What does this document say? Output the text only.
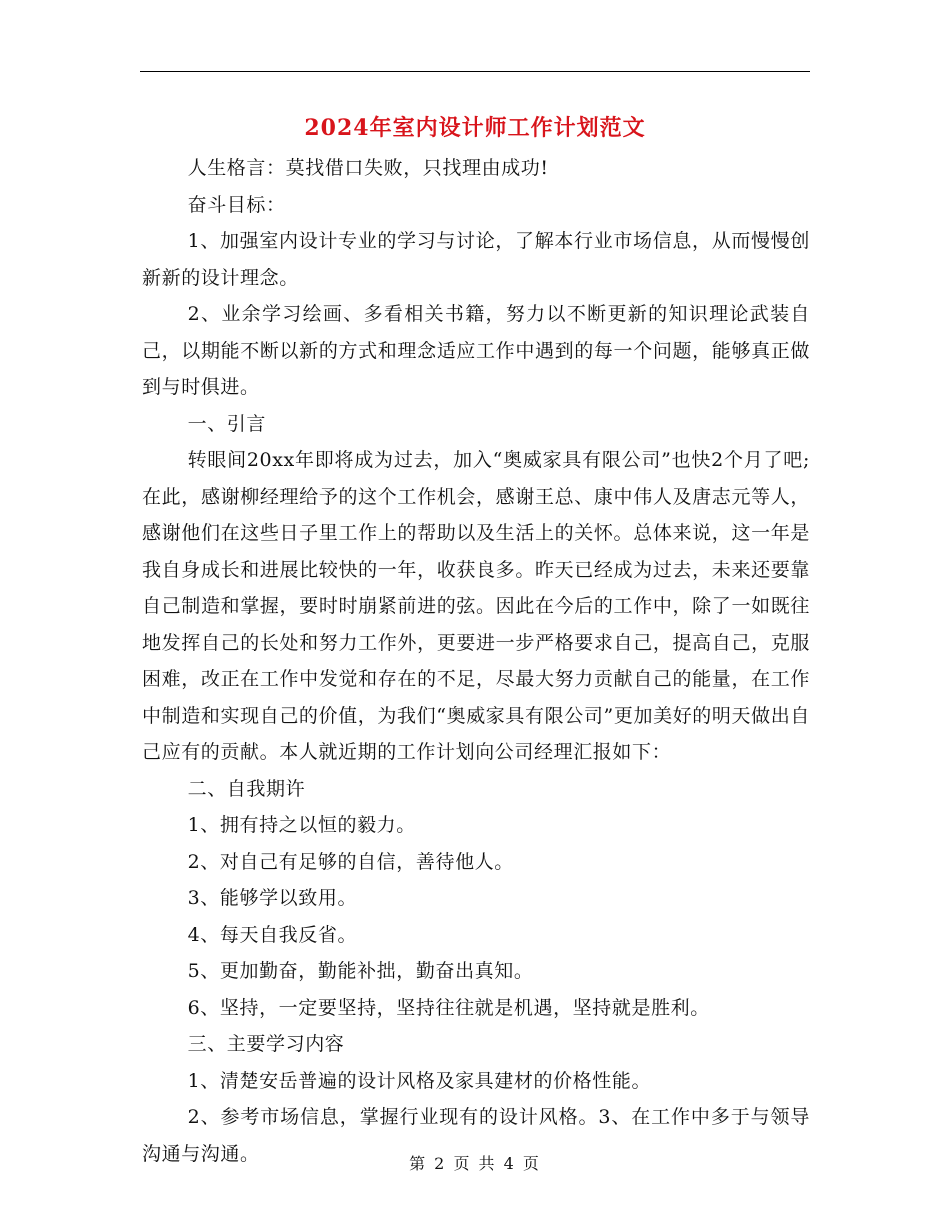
2024年室内设计师工作计划范文

人生格言：莫找借口失败，只找理由成功!

奋斗目标：

1、加强室内设计专业的学习与讨论，了解本行业市场信息，从而慢慢创新新的设计理念。

2、业余学习绘画、多看相关书籍，努力以不断更新的知识理论武装自己，以期能不断以新的方式和理念适应工作中遇到的每一个问题，能够真正做到与时俱进。

一、引言

转眼间20xx年即将成为过去，加入“奥威家具有限公司”也快2个月了吧;在此，感谢柳经理给予的这个工作机会，感谢王总、康中伟人及唐志元等人，感谢他们在这些日子里工作上的帮助以及生活上的关怀。总体来说，这一年是我自身成长和进展比较快的一年，收获良多。昨天已经成为过去，未来还要靠自己制造和掌握，要时时崩紧前进的弦。因此在今后的工作中，除了一如既往地发挥自己的长处和努力工作外，更要进一步严格要求自己，提高自己，克服困难，改正在工作中发觉和存在的不足，尽最大努力贡献自己的能量，在工作中制造和实现自己的价值，为我们“奥威家具有限公司”更加美好的明天做出自己应有的贡献。本人就近期的工作计划向公司经理汇报如下：

二、自我期许

1、拥有持之以恒的毅力。

2、对自己有足够的自信，善待他人。

3、能够学以致用。

4、每天自我反省。

5、更加勤奋，勤能补拙，勤奋出真知。

6、坚持，一定要坚持，坚持往往就是机遇，坚持就是胜利。

三、主要学习内容

1、清楚安岳普遍的设计风格及家具建材的价格性能。

2、参考市场信息，掌握行业现有的设计风格。3、在工作中多于与领导沟通与沟通。	第 2 页 共 4 页
